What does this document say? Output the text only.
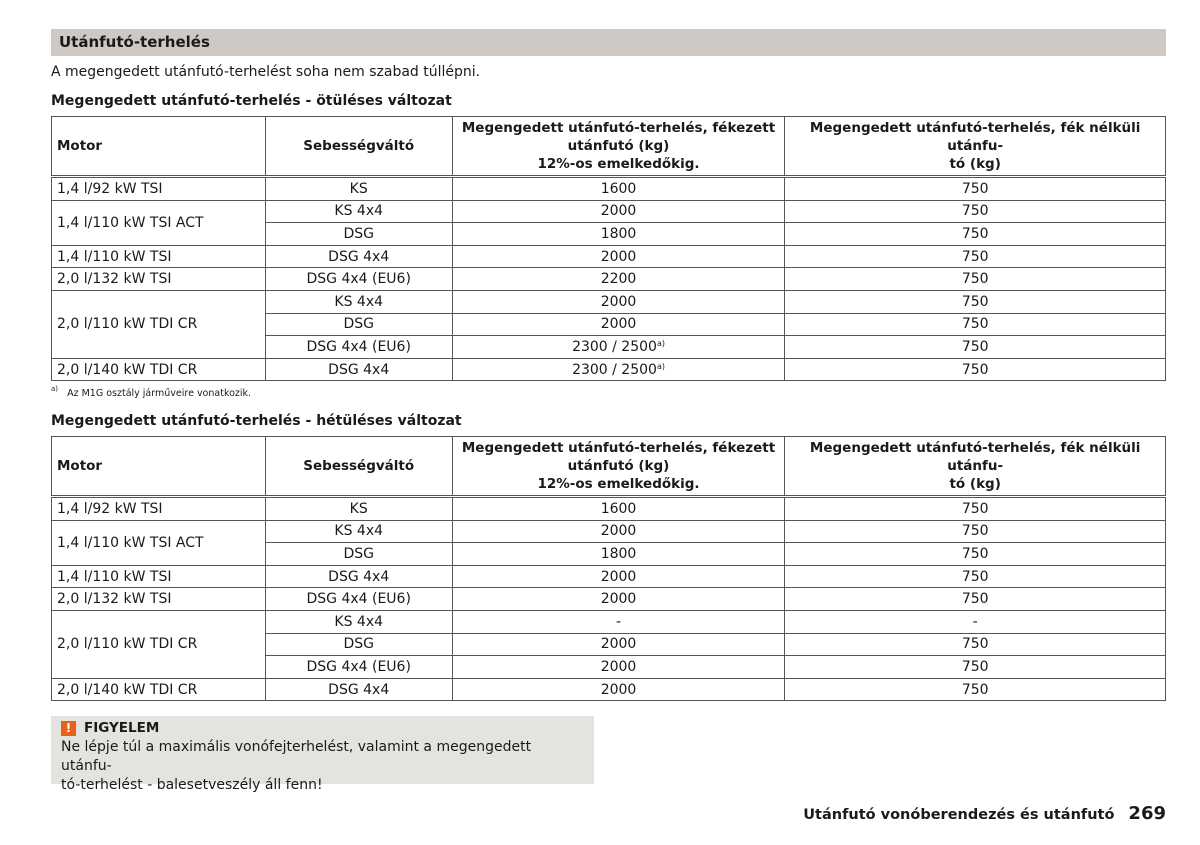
Utánfutó-terhelés
A megengedett utánfutó-terhelést soha nem szabad túllépni.
Megengedett utánfutó-terhelés - ötüléses változat
Motor	Sebességváltó	Megengedett utánfutó-terhelés, fékezett
utánfutó (kg)
12%-os emelkedőkig.	Megengedett utánfutó-terhelés, fék nélküli utánfu-
tó (kg)
1,4 l/92 kW TSI	KS	1600	750
1,4 l/110 kW TSI ACT	KS 4x4	2000	750
	DSG	1800	750
1,4 l/110 kW TSI	DSG 4x4	2000	750
2,0 l/132 kW TSI	DSG 4x4 (EU6)	2200	750
2,0 l/110 kW TDI CR	KS 4x4	2000	750
	DSG	2000	750
	DSG 4x4 (EU6)	2300 / 2500$^{a)}$	750
2,0 l/140 kW TDI CR	DSG 4x4	2300 / 2500$^{a)}$	750
$^{a)}$ Az M1G osztály járműveire vonatkozik.
Megengedett utánfutó-terhelés - hétüléses változat
Motor	Sebességváltó	Megengedett utánfutó-terhelés, fékezett
utánfutó (kg)
12%-os emelkedőkig.	Megengedett utánfutó-terhelés, fék nélküli utánfu-
tó (kg)
1,4 l/92 kW TSI	KS	1600	750
1,4 l/110 kW TSI ACT	KS 4x4	2000	750
	DSG	1800	750
1,4 l/110 kW TSI	DSG 4x4	2000	750
2,0 l/132 kW TSI	DSG 4x4 (EU6)	2000	750
2,0 l/110 kW TDI CR	KS 4x4	-	-
	DSG	2000	750
	DSG 4x4 (EU6)	2000	750
2,0 l/140 kW TDI CR	DSG 4x4	2000	750
! FIGYELEM
Ne lépje túl a maximális vonófejterhelést, valamint a megengedett utánfu-
tó-terhelést - balesetveszély áll fenn!
Utánfutó vonóberendezés és utánfutó 269
